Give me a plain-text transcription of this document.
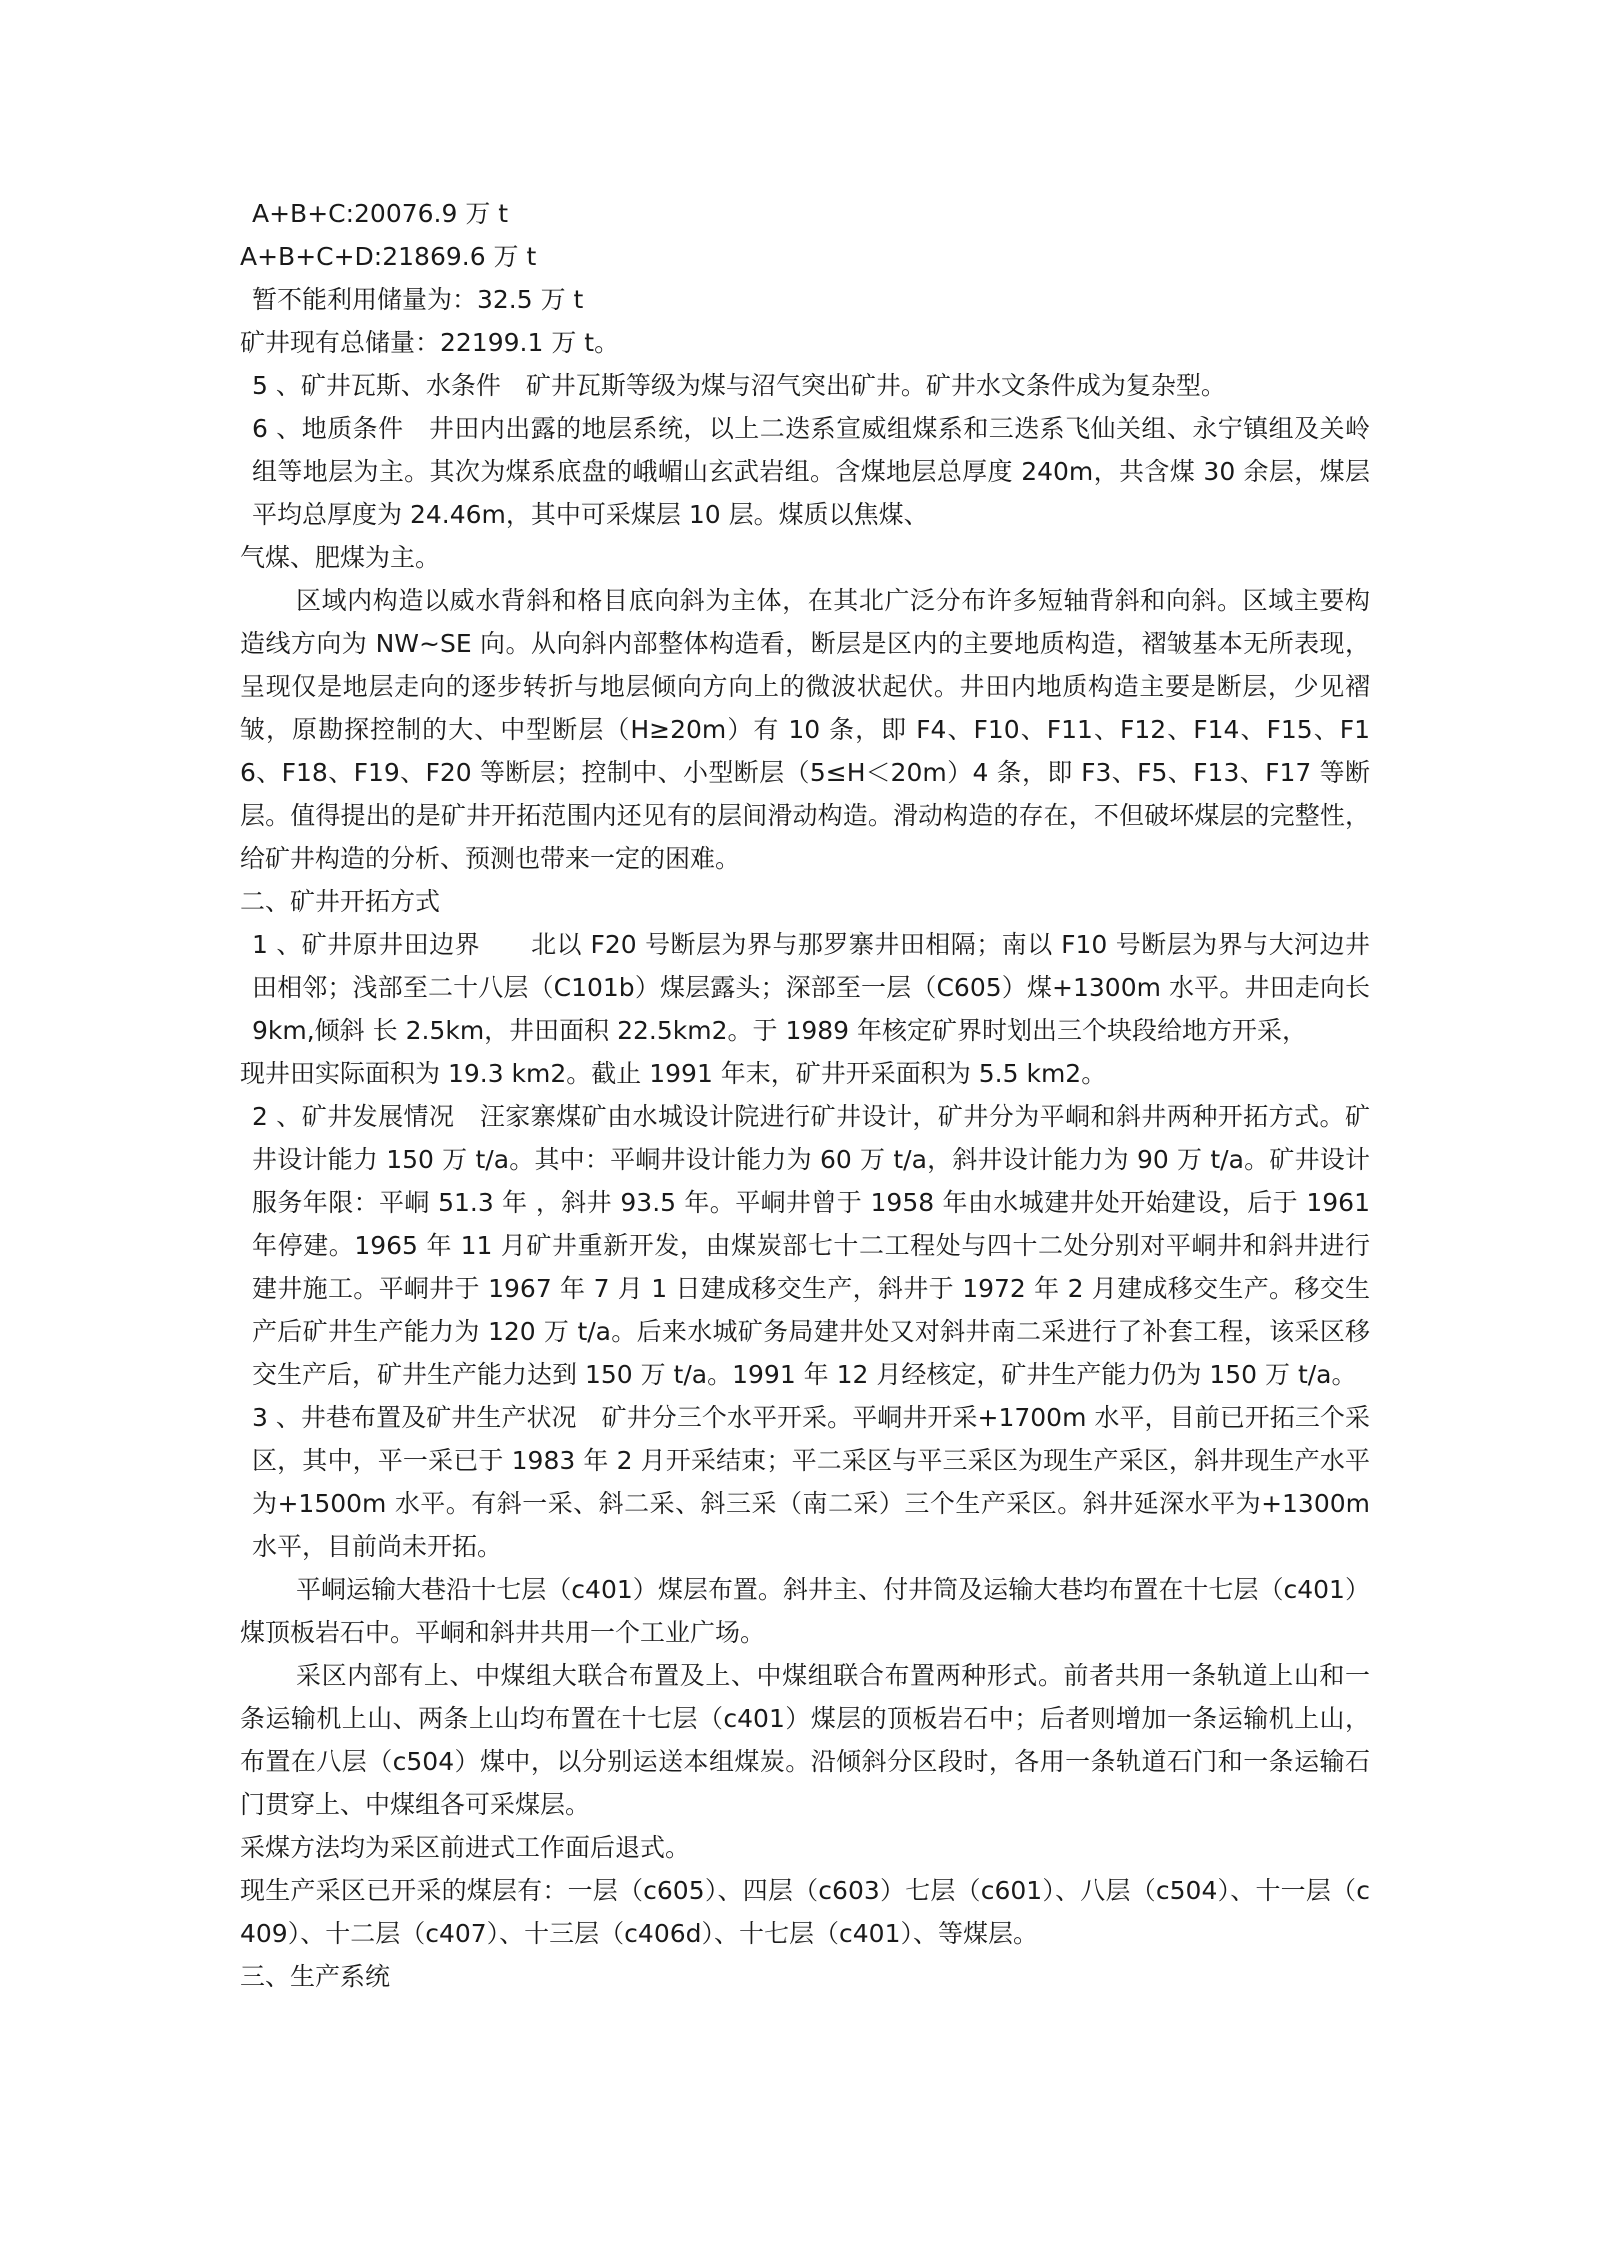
A+B+C:20076.9 万 t

A+B+C+D:21869.6 万 t

暂不能利用储量为：32.5 万 t

矿井现有总储量：22199.1 万 t。

5 、矿井瓦斯、水条件　矿井瓦斯等级为煤与沼气突出矿井。矿井水文条件成为复杂型。

6 、地质条件　井田内出露的地层系统，以上二迭系宣威组煤系和三迭系飞仙关组、永宁镇组及关岭组等地层为主。其次为煤系底盘的峨嵋山玄武岩组。含煤地层总厚度 240m，共含煤 30 余层，煤层平均总厚度为 24.46m，其中可采煤层 10 层。煤质以焦煤、

气煤、肥煤为主。

区域内构造以威水背斜和格目底向斜为主体，在其北广泛分布许多短轴背斜和向斜。区域主要构造线方向为 NW~SE 向。从向斜内部整体构造看，断层是区内的主要地质构造，褶皱基本无所表现，呈现仅是地层走向的逐步转折与地层倾向方向上的微波状起伏。井田内地质构造主要是断层，少见褶皱，原勘探控制的大、中型断层（H≥20m）有 10 条，即 F4、F10、F11、F12、F14、F15、F16、F18、F19、F20 等断层；控制中、小型断层（5≤H＜20m）4 条，即 F3、F5、F13、F17 等断层。值得提出的是矿井开拓范围内还见有的层间滑动构造。滑动构造的存在，不但破坏煤层的完整性，给矿井构造的分析、预测也带来一定的困难。

二、矿井开拓方式

1 、矿井原井田边界　　北以 F20 号断层为界与那罗寨井田相隔；南以 F10 号断层为界与大河边井田相邻；浅部至二十八层（C101b）煤层露头；深部至一层（C605）煤+1300m 水平。井田走向长 9km,倾斜 长 2.5km，井田面积 22.5km2。于 1989 年核定矿界时划出三个块段给地方开采，

现井田实际面积为 19.3 km2。截止 1991 年末，矿井开采面积为 5.5 km2。

2 、矿井发展情况　汪家寨煤矿由水城设计院进行矿井设计，矿井分为平峒和斜井两种开拓方式。矿井设计能力 150 万 t/a。其中：平峒井设计能力为 60 万 t/a，斜井设计能力为 90 万 t/a。矿井设计服务年限：平峒 51.3 年 ，斜井 93.5 年。平峒井曾于 1958 年由水城建井处开始建设，后于 1961 年停建。1965 年 11 月矿井重新开发，由煤炭部七十二工程处与四十二处分别对平峒井和斜井进行建井施工。平峒井于 1967 年 7 月 1 日建成移交生产，斜井于 1972 年 2 月建成移交生产。移交生产后矿井生产能力为 120 万 t/a。后来水城矿务局建井处又对斜井南二采进行了补套工程，该采区移交生产后，矿井生产能力达到 150 万 t/a。1991 年 12 月经核定，矿井生产能力仍为 150 万 t/a。

3 、井巷布置及矿井生产状况　矿井分三个水平开采。平峒井开采+1700m 水平，目前已开拓三个采区，其中，平一采已于 1983 年 2 月开采结束；平二采区与平三采区为现生产采区，斜井现生产水平为+1500m 水平。有斜一采、斜二采、斜三采（南二采）三个生产采区。斜井延深水平为+1300m 水平，目前尚未开拓。

平峒运输大巷沿十七层（c401）煤层布置。斜井主、付井筒及运输大巷均布置在十七层（c401）煤顶板岩石中。平峒和斜井共用一个工业广场。

采区内部有上、中煤组大联合布置及上、中煤组联合布置两种形式。前者共用一条轨道上山和一条运输机上山、两条上山均布置在十七层（c401）煤层的顶板岩石中；后者则增加一条运输机上山，布置在八层（c504）煤中，以分别运送本组煤炭。沿倾斜分区段时，各用一条轨道石门和一条运输石门贯穿上、中煤组各可采煤层。

采煤方法均为采区前进式工作面后退式。

现生产采区已开采的煤层有：一层（c605）、四层（c603）七层（c601）、八层（c504）、十一层（c409）、十二层（c407）、十三层（c406d）、十七层（c401）、等煤层。

三、生产系统
